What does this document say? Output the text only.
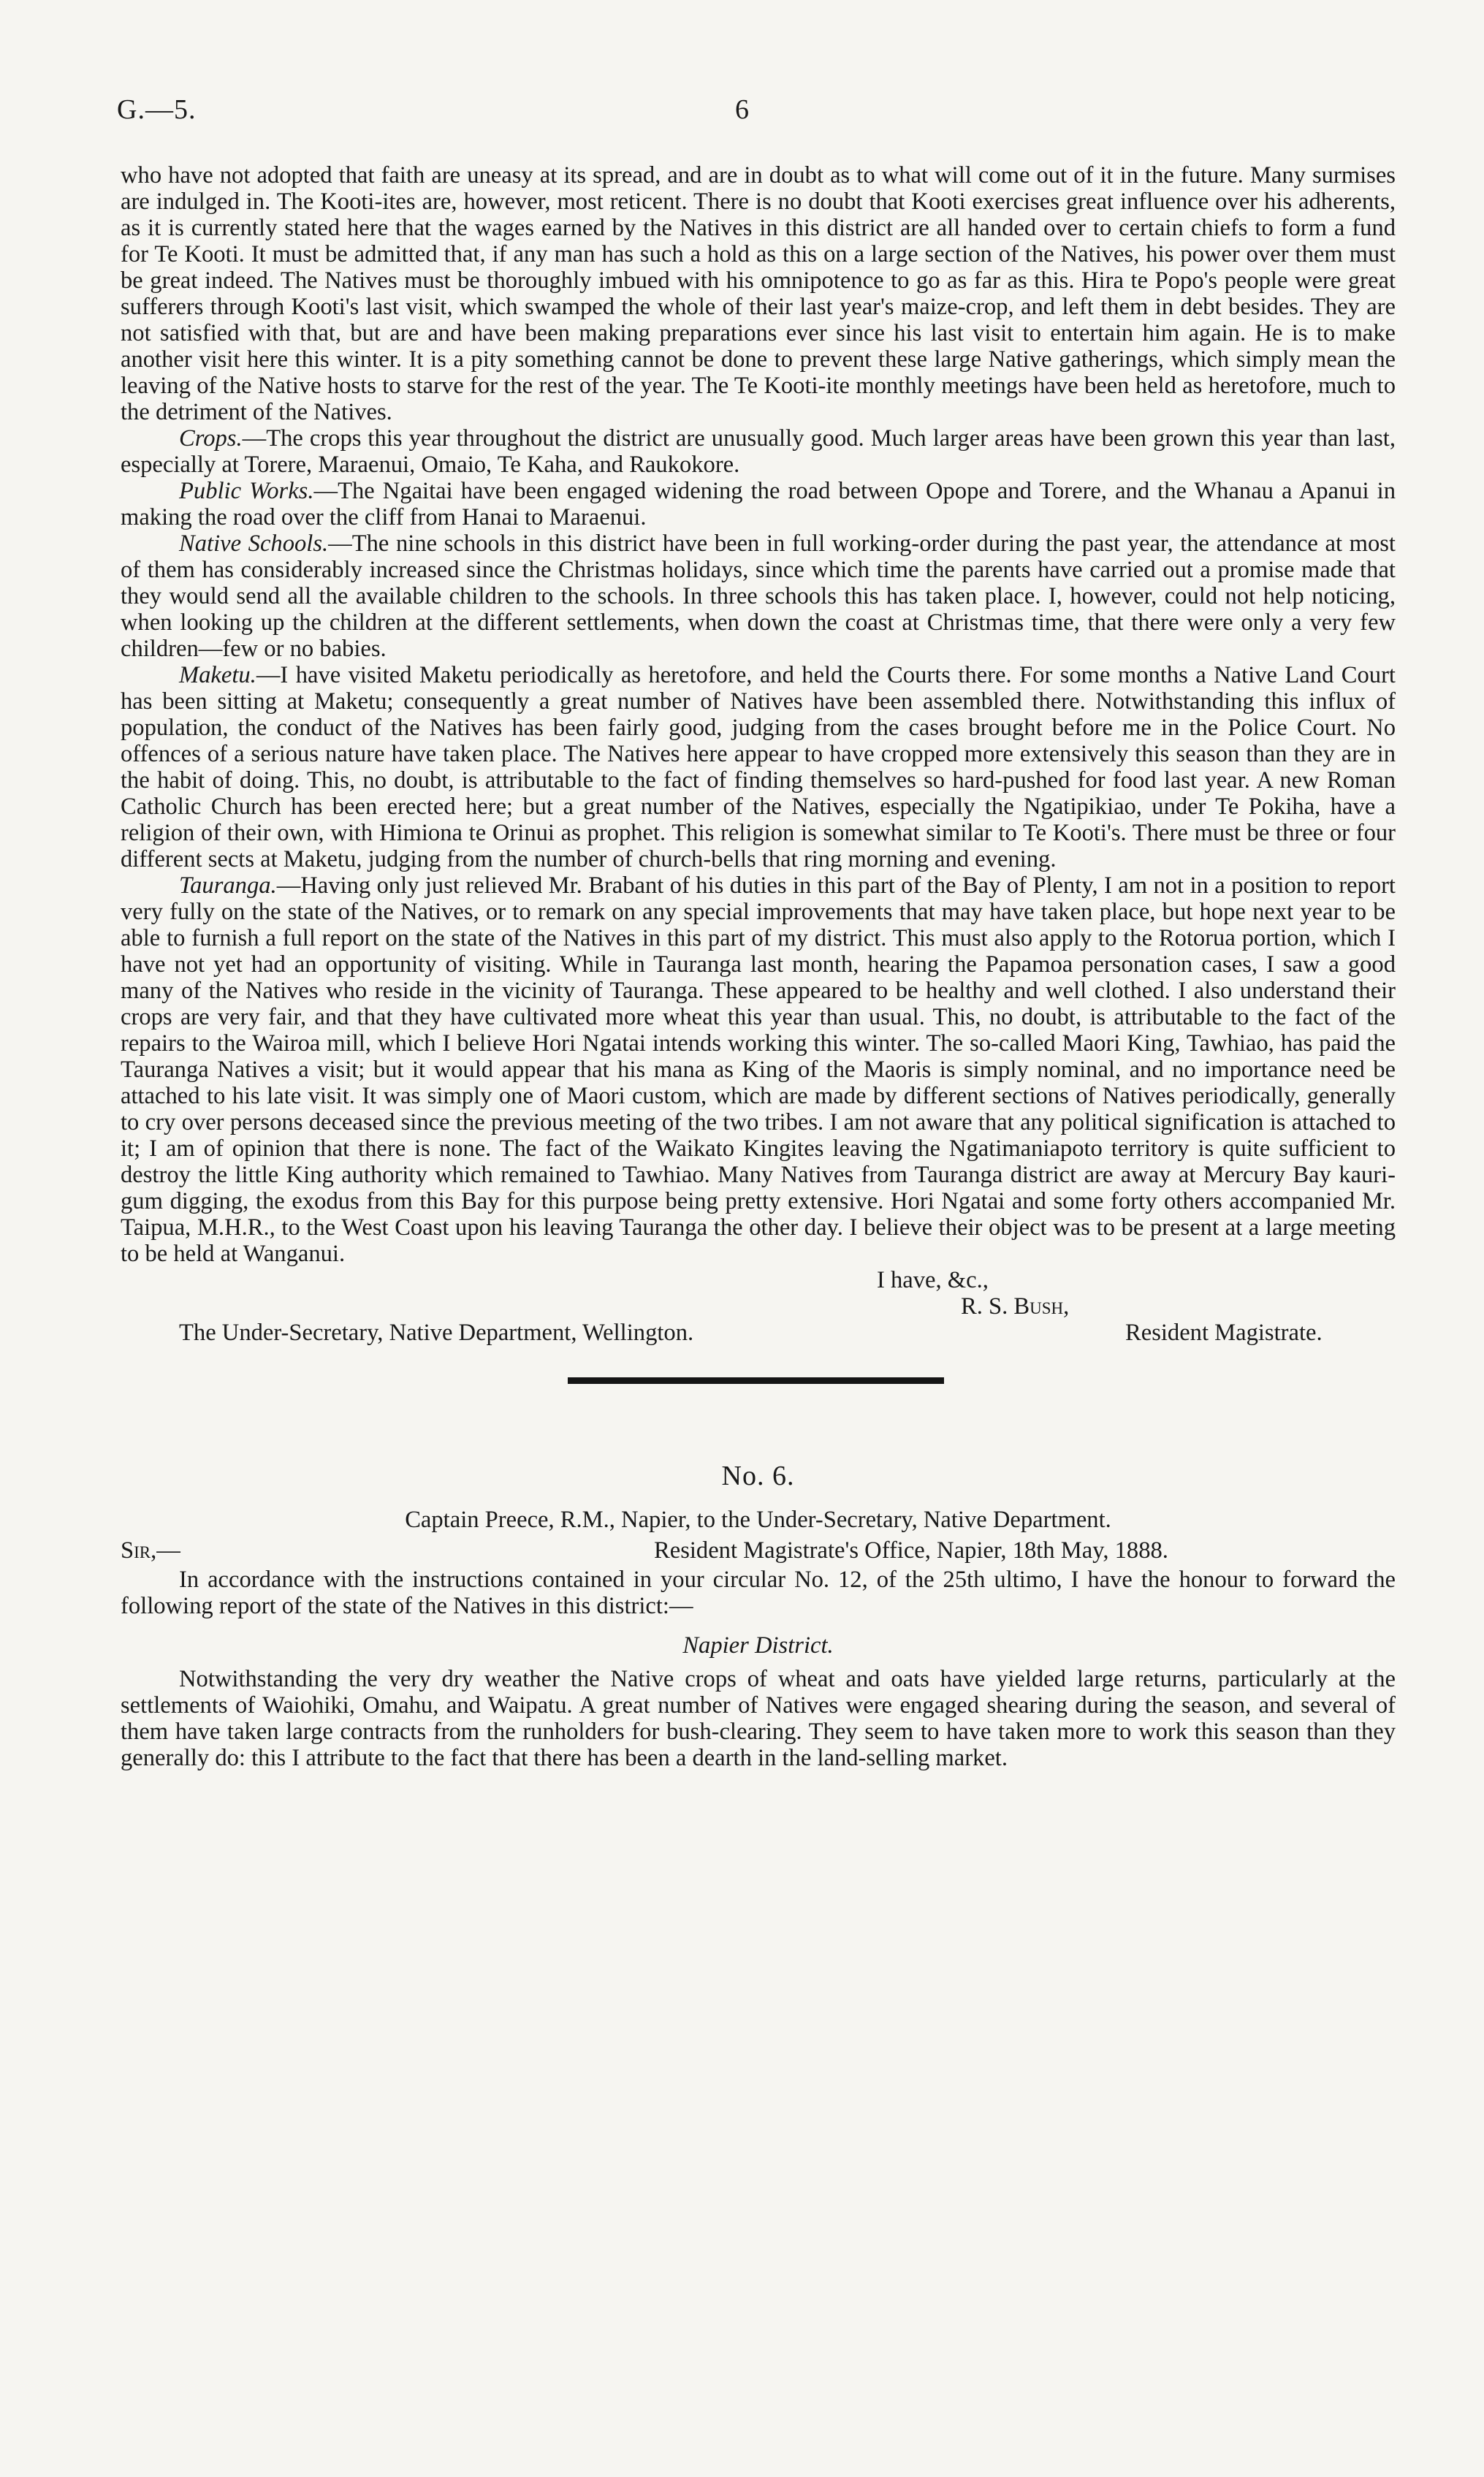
G.—5.	6

who have not adopted that faith are uneasy at its spread, and are in doubt as to what will come out of it in the future. Many surmises are indulged in. The Kooti-ites are, however, most reticent. There is no doubt that Kooti exercises great influence over his adherents, as it is currently stated here that the wages earned by the Natives in this district are all handed over to certain chiefs to form a fund for Te Kooti. It must be admitted that, if any man has such a hold as this on a large section of the Natives, his power over them must be great indeed. The Natives must be thoroughly imbued with his omnipotence to go as far as this. Hira te Popo's people were great sufferers through Kooti's last visit, which swamped the whole of their last year's maize-crop, and left them in debt besides. They are not satisfied with that, but are and have been making preparations ever since his last visit to entertain him again. He is to make another visit here this winter. It is a pity something cannot be done to prevent these large Native gatherings, which simply mean the leaving of the Native hosts to starve for the rest of the year. The Te Kooti-ite monthly meetings have been held as heretofore, much to the detriment of the Natives.

Crops.—The crops this year throughout the district are unusually good. Much larger areas have been grown this year than last, especially at Torere, Maraenui, Omaio, Te Kaha, and Raukokore.

Public Works.—The Ngaitai have been engaged widening the road between Opope and Torere, and the Whanau a Apanui in making the road over the cliff from Hanai to Maraenui.

Native Schools.—The nine schools in this district have been in full working-order during the past year, the attendance at most of them has considerably increased since the Christmas holidays, since which time the parents have carried out a promise made that they would send all the available children to the schools. In three schools this has taken place. I, however, could not help noticing, when looking up the children at the different settlements, when down the coast at Christmas time, that there were only a very few children—few or no babies.

Maketu.—I have visited Maketu periodically as heretofore, and held the Courts there. For some months a Native Land Court has been sitting at Maketu; consequently a great number of Natives have been assembled there. Notwithstanding this influx of population, the conduct of the Natives has been fairly good, judging from the cases brought before me in the Police Court. No offences of a serious nature have taken place. The Natives here appear to have cropped more extensively this season than they are in the habit of doing. This, no doubt, is attributable to the fact of finding themselves so hard-pushed for food last year. A new Roman Catholic Church has been erected here; but a great number of the Natives, especially the Ngatipikiao, under Te Pokiha, have a religion of their own, with Himiona te Orinui as prophet. This religion is somewhat similar to Te Kooti's. There must be three or four different sects at Maketu, judging from the number of church-bells that ring morning and evening.

Tauranga.—Having only just relieved Mr. Brabant of his duties in this part of the Bay of Plenty, I am not in a position to report very fully on the state of the Natives, or to remark on any special improvements that may have taken place, but hope next year to be able to furnish a full report on the state of the Natives in this part of my district. This must also apply to the Rotorua portion, which I have not yet had an opportunity of visiting. While in Tauranga last month, hearing the Papamoa personation cases, I saw a good many of the Natives who reside in the vicinity of Tauranga. These appeared to be healthy and well clothed. I also understand their crops are very fair, and that they have cultivated more wheat this year than usual. This, no doubt, is attributable to the fact of the repairs to the Wairoa mill, which I believe Hori Ngatai intends working this winter. The so-called Maori King, Tawhiao, has paid the Tauranga Natives a visit; but it would appear that his mana as King of the Maoris is simply nominal, and no importance need be attached to his late visit. It was simply one of Maori custom, which are made by different sections of Natives periodically, generally to cry over persons deceased since the previous meeting of the two tribes. I am not aware that any political signification is attached to it; I am of opinion that there is none. The fact of the Waikato Kingites leaving the Ngatimaniapoto territory is quite sufficient to destroy the little King authority which remained to Tawhiao. Many Natives from Tauranga district are away at Mercury Bay kauri-gum digging, the exodus from this Bay for this purpose being pretty extensive. Hori Ngatai and some forty others accompanied Mr. Taipua, M.H.R., to the West Coast upon his leaving Tauranga the other day. I believe their object was to be present at a large meeting to be held at Wanganui.

I have, &c.,
R. S. Bush,
The Under-Secretary, Native Department, Wellington.	Resident Magistrate.
No. 6.
Captain Preece, R.M., Napier, to the Under-Secretary, Native Department.
Sir,—	Resident Magistrate's Office, Napier, 18th May, 1888.

In accordance with the instructions contained in your circular No. 12, of the 25th ultimo, I have the honour to forward the following report of the state of the Natives in this district:—

Napier District.

Notwithstanding the very dry weather the Native crops of wheat and oats have yielded large returns, particularly at the settlements of Waiohiki, Omahu, and Waipatu. A great number of Natives were engaged shearing during the season, and several of them have taken large contracts from the runholders for bush-clearing. They seem to have taken more to work this season than they generally do: this I attribute to the fact that there has been a dearth in the land-selling market.
